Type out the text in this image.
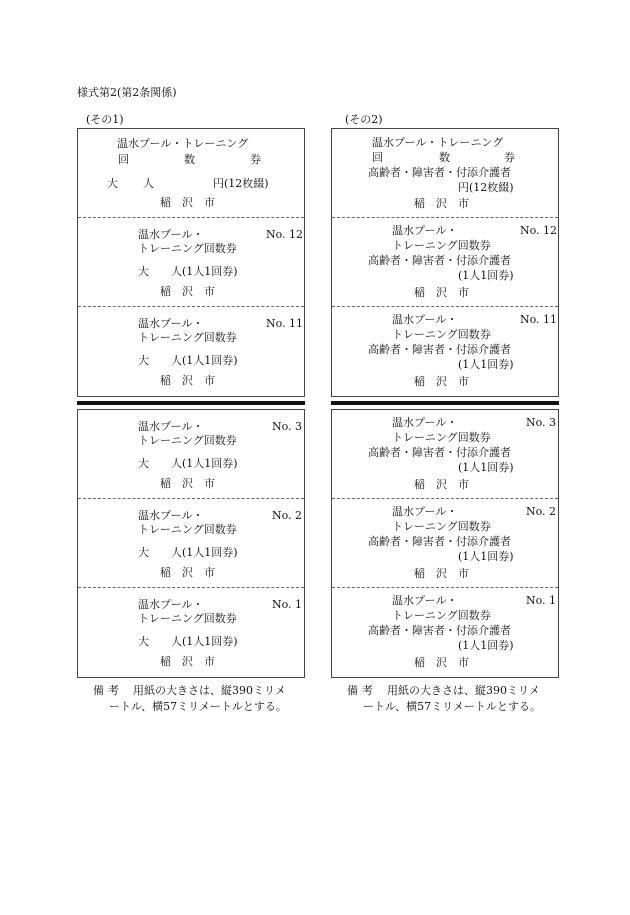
様式第2(第2条関係)
(その1)
温水プール・トレーニング
回	数	券
大 人	円(12枚綴)
稲　沢　市
温水プール・
トレーニング回数券
大　　人(1人1回券)
稲　沢　市
No. 12
温水プール・
トレーニング回数券
大　　人(1人1回券)
稲　沢　市
No. 11
温水プール・
トレーニング回数券
大　　人(1人1回券)
稲　沢　市
No. 3
温水プール・
トレーニング回数券
大　　人(1人1回券)
稲　沢　市
No. 2
温水プール・
トレーニング回数券
大　　人(1人1回券)
稲　沢　市
No. 1
備考 用紙の大きさは、縦390ミリメートル、横57ミリメートルとする。
(その2)
温水プール・トレーニング
回	数	券
高齢者・障害者・付添介護者
円(12枚綴)
稲　沢　市
温水プール・
トレーニング回数券
高齢者・障害者・付添介護者
(1人1回券)
稲　沢　市
No. 12
温水プール・
トレーニング回数券
高齢者・障害者・付添介護者
(1人1回券)
稲　沢　市
No. 11
温水プール・
トレーニング回数券
高齢者・障害者・付添介護者
(1人1回券)
稲　沢　市
No. 3
温水プール・
トレーニング回数券
高齢者・障害者・付添介護者
(1人1回券)
稲　沢　市
No. 2
温水プール・
トレーニング回数券
高齢者・障害者・付添介護者
(1人1回券)
稲　沢　市
No. 1
備考 用紙の大きさは、縦390ミリメートル、横57ミリメートルとする。
